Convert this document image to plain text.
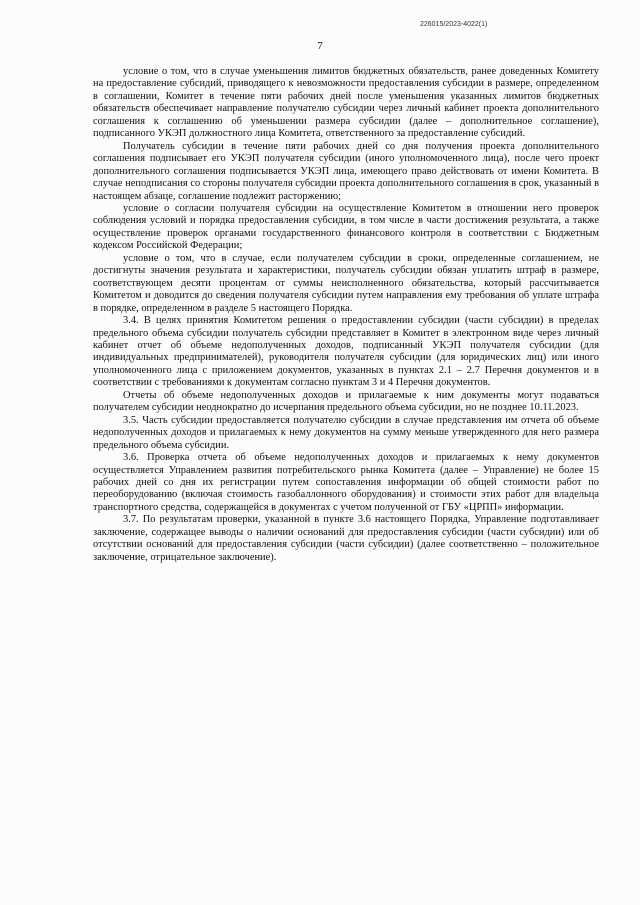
226015/2023-4022(1)
7

условие о том, что в случае уменьшения лимитов бюджетных обязательств, ранее доведенных Комитету на предоставление субсидий, приводящего к невозможности предоставления субсидии в размере, определенном в соглашении, Комитет в течение пяти рабочих дней после уменьшения указанных лимитов бюджетных обязательств обеспечивает направление получателю субсидии через личный кабинет проекта дополнительного соглашения к соглашению об уменьшении размера субсидии (далее – дополнительное соглашение), подписанного УКЭП должностного лица Комитета, ответственного за предоставление субсидий.

Получатель субсидии в течение пяти рабочих дней со дня получения проекта дополнительного соглашения подписывает его УКЭП получателя субсидии (иного уполномоченного лица), после чего проект дополнительного соглашения подписывается УКЭП лица, имеющего право действовать от имени Комитета. В случае неподписания со стороны получателя субсидии проекта дополнительного соглашения в срок, указанный в настоящем абзаце, соглашение подлежит расторжению;

условие о согласии получателя субсидии на осуществление Комитетом в отношении него проверок соблюдения условий и порядка предоставления субсидии, в том числе в части достижения результата, а также осуществление проверок органами государственного финансового контроля в соответствии с Бюджетным кодексом Российской Федерации;

условие о том, что в случае, если получателем субсидии в сроки, определенные соглашением, не достигнуты значения результата и характеристики, получатель субсидии обязан уплатить штраф в размере, соответствующем десяти процентам от суммы неисполненного обязательства, который рассчитывается Комитетом и доводится до сведения получателя субсидии путем направления ему требования об уплате штрафа в порядке, определенном в разделе 5 настоящего Порядка.

3.4. В целях принятия Комитетом решения о предоставлении субсидии (части субсидии) в пределах предельного объема субсидии получатель субсидии представляет в Комитет в электронном виде через личный кабинет отчет об объеме недополученных доходов, подписанный УКЭП получателя субсидии (для индивидуальных предпринимателей), руководителя получателя субсидии (для юридических лиц) или иного уполномоченного лица с приложением документов, указанных в пунктах 2.1 – 2.7 Перечня документов и в соответствии с требованиями к документам согласно пунктам 3 и 4 Перечня документов.

Отчеты об объеме недополученных доходов и прилагаемые к ним документы могут подаваться получателем субсидии неоднократно до исчерпания предельного объема субсидии, но не позднее 10.11.2023.

3.5. Часть субсидии предоставляется получателю субсидии в случае представления им отчета об объеме недополученных доходов и прилагаемых к нему документов на сумму меньше утвержденного для него размера предельного объема субсидии.

3.6. Проверка отчета об объеме недополученных доходов и прилагаемых к нему документов осуществляется Управлением развития потребительского рынка Комитета (далее – Управление) не более 15 рабочих дней со дня их регистрации путем сопоставления информации об общей стоимости работ по переоборудованию (включая стоимость газобаллонного оборудования) и стоимости этих работ для владельца транспортного средства, содержащейся в документах с учетом полученной от ГБУ «ЦРПП» информации.

3.7. По результатам проверки, указанной в пункте 3.6 настоящего Порядка, Управление подготавливает заключение, содержащее выводы о наличии оснований для предоставления субсидии (части субсидии) или об отсутствии оснований для предоставления субсидии (части субсидии) (далее соответственно – положительное заключение, отрицательное заключение).
